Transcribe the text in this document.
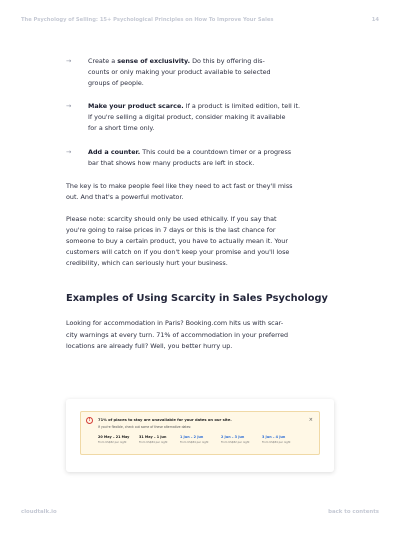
The Psychology of Selling: 15+ Psychological Principles on How To Improve Your Sales	14
→	Create a sense of exclusivity. Do this by offering dis-
counts or only making your product available to selected
groups of people.
→	Make your product scarce. If a product is limited edition, tell it.
If you're selling a digital product, consider making it available
for a short time only.
→	Add a counter. This could be a countdown timer or a progress
bar that shows how many products are left in stock.
The key is to make people feel like they need to act fast or they'll miss
out. And that's a powerful motivator.
Please note: scarcity should only be used ethically. If you say that
you're going to raise prices in 7 days or this is the last chance for
someone to buy a certain product, you have to actually mean it. Your
customers will catch on if you don't keep your promise and you'll lose
credibility, which can seriously hurt your business.
Examples of Using Scarcity in Sales Psychology
Looking for accommodation in Paris? Booking.com hits us with scar-
city warnings at every turn. 71% of accommodation in your preferred
locations are already full? Well, you better hurry up.
!	71% of places to stay are unavailable for your dates on our site.	×
If you're flexible, check out some of these alternative dates:
20 May – 21 May
From US$82 per night
31 May – 1 Jun
From US$84 per night
1 Jun – 2 Jun
From US$84 per night
2 Jun – 3 Jun
From US$82 per night
3 Jun – 4 Jun
From US$84 per night
cloudtalk.io	back to contents
